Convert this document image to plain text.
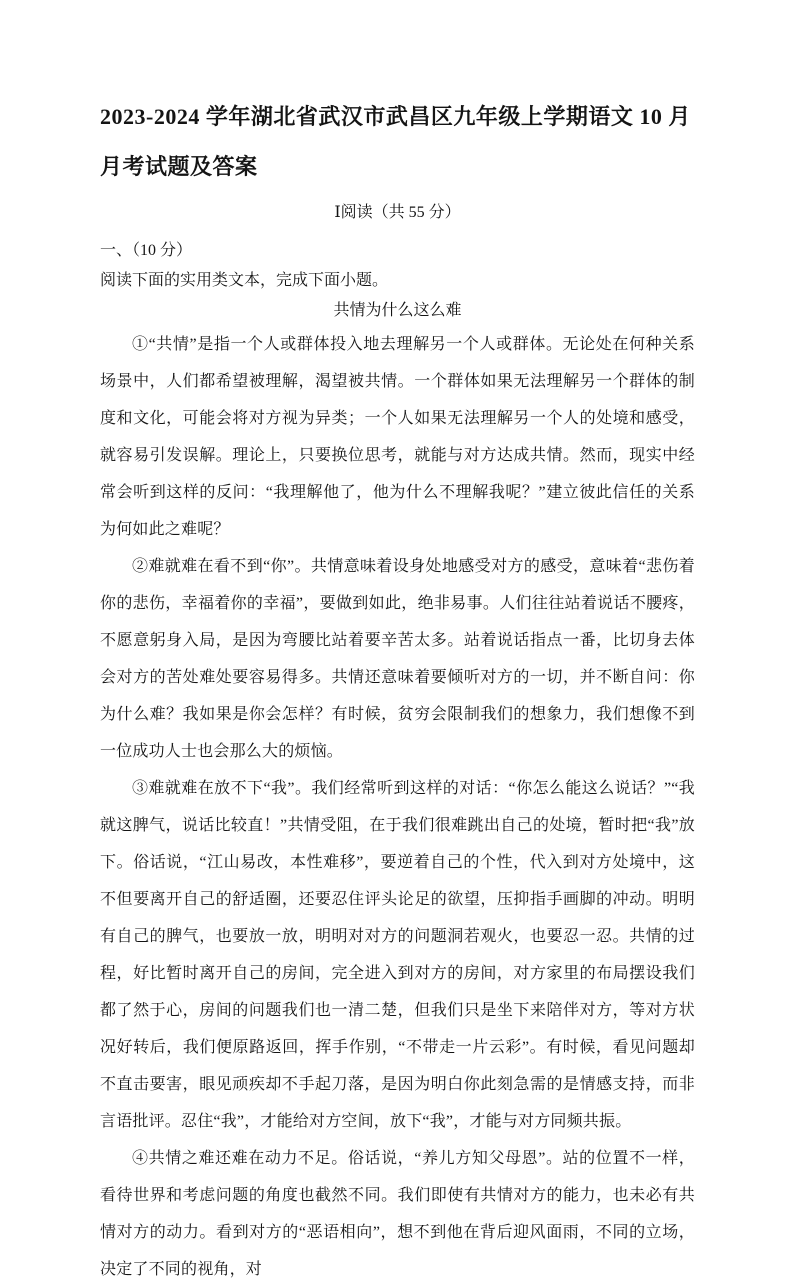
2023-2024 学年湖北省武汉市武昌区九年级上学期语文 10 月月考试题及答案
Ⅰ阅读（共 55 分）
一、（10 分）
阅读下面的实用类文本，完成下面小题。
共情为什么这么难

①“共情”是指一个人或群体投入地去理解另一个人或群体。无论处在何种关系场景中，人们都希望被理解，渴望被共情。一个群体如果无法理解另一个群体的制度和文化，可能会将对方视为异类；一个人如果无法理解另一个人的处境和感受，就容易引发误解。理论上，只要换位思考，就能与对方达成共情。然而，现实中经常会听到这样的反问：“我理解他了，他为什么不理解我呢？”建立彼此信任的关系为何如此之难呢？

②难就难在看不到“你”。共情意味着设身处地感受对方的感受，意味着“悲伤着你的悲伤，幸福着你的幸福”，要做到如此，绝非易事。人们往往站着说话不腰疼，不愿意躬身入局，是因为弯腰比站着要辛苦太多。站着说话指点一番，比切身去体会对方的苦处难处要容易得多。共情还意味着要倾听对方的一切，并不断自问：你为什么难？我如果是你会怎样？有时候，贫穷会限制我们的想象力，我们想像不到一位成功人士也会那么大的烦恼。

③难就难在放不下“我”。我们经常听到这样的对话：“你怎么能这么说话？”“我就这脾气，说话比较直！”共情受阻，在于我们很难跳出自己的处境，暂时把“我”放下。俗话说，“江山易改，本性难移”，要逆着自己的个性，代入到对方处境中，这不但要离开自己的舒适圈，还要忍住评头论足的欲望，压抑指手画脚的冲动。明明有自己的脾气，也要放一放，明明对对方的问题洞若观火，也要忍一忍。共情的过程，好比暂时离开自己的房间，完全进入到对方的房间，对方家里的布局摆设我们都了然于心，房间的问题我们也一清二楚，但我们只是坐下来陪伴对方，等对方状况好转后，我们便原路返回，挥手作别，“不带走一片云彩”。有时候，看见问题却不直击要害，眼见顽疾却不手起刀落，是因为明白你此刻急需的是情感支持，而非言语批评。忍住“我”，才能给对方空间，放下“我”，才能与对方同频共振。

④共情之难还难在动力不足。俗话说，“养儿方知父母恩”。站的位置不一样，看待世界和考虑问题的角度也截然不同。我们即使有共情对方的能力，也未必有共情对方的动力。看到对方的“恶语相向”，想不到他在背后迎风面雨，不同的立场，决定了不同的视角，对
